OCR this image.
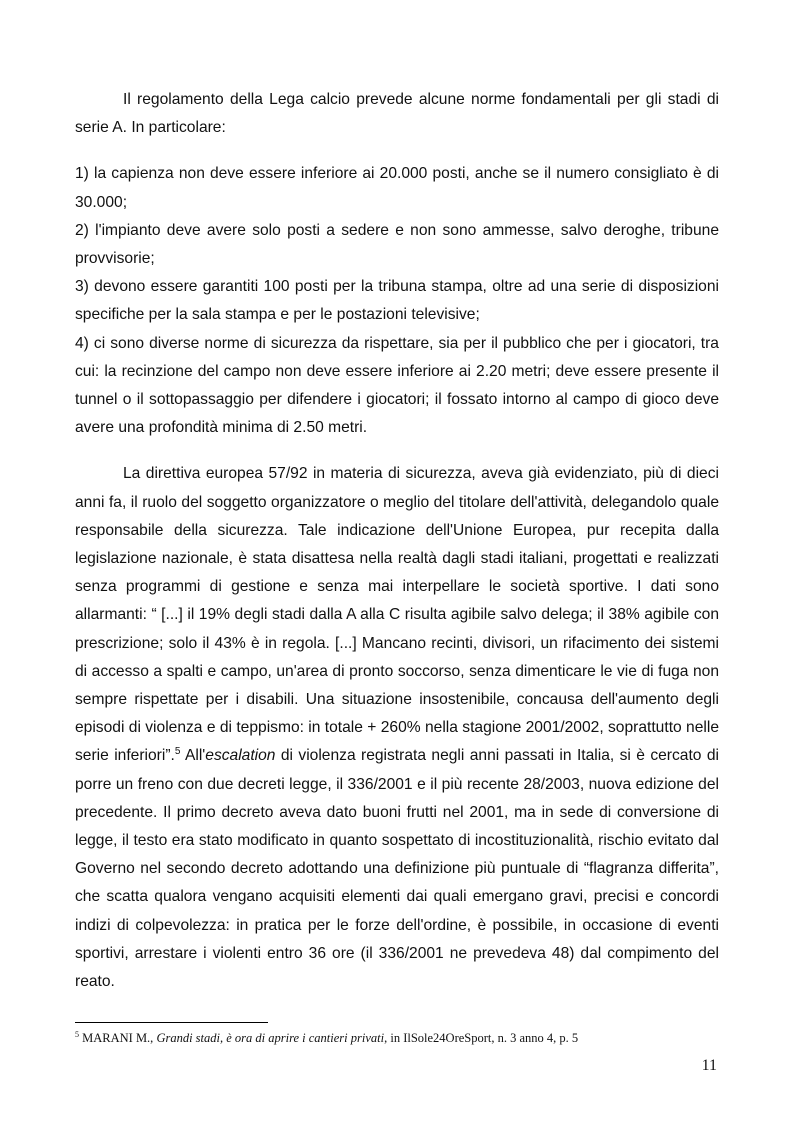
Il regolamento della Lega calcio prevede alcune norme fondamentali per gli stadi di serie A. In particolare:

1) la capienza non deve essere inferiore ai 20.000 posti, anche se il numero consigliato è di 30.000;

2) l'impianto deve avere solo posti a sedere e non sono ammesse, salvo deroghe, tribune provvisorie;

3) devono essere garantiti 100 posti per la tribuna stampa, oltre ad una serie di disposizioni specifiche per la sala stampa e per le postazioni televisive;

4) ci sono diverse norme di sicurezza da rispettare, sia per il pubblico che per i giocatori, tra cui: la recinzione del campo non deve essere inferiore ai 2.20 metri; deve essere presente il tunnel o il sottopassaggio per difendere i giocatori; il fossato intorno al campo di gioco deve avere una profondità minima di 2.50 metri.

La direttiva europea 57/92 in materia di sicurezza, aveva già evidenziato, più di dieci anni fa, il ruolo del soggetto organizzatore o meglio del titolare dell'attività, delegandolo quale responsabile della sicurezza. Tale indicazione dell'Unione Europea, pur recepita dalla legislazione nazionale, è stata disattesa nella realtà dagli stadi italiani, progettati e realizzati senza programmi di gestione e senza mai interpellare le società sportive. I dati sono allarmanti: “ [...] il 19% degli stadi dalla A alla C risulta agibile salvo delega; il 38% agibile con prescrizione; solo il 43% è in regola. [...] Mancano recinti, divisori, un rifacimento dei sistemi di accesso a spalti e campo, un'area di pronto soccorso, senza dimenticare le vie di fuga non sempre rispettate per i disabili. Una situazione insostenibile, concausa dell'aumento degli episodi di violenza e di teppismo: in totale + 260% nella stagione 2001/2002, soprattutto nelle serie inferiori”.$^5$ All'escalation di violenza registrata negli anni passati in Italia, si è cercato di porre un freno con due decreti legge, il 336/2001 e il più recente 28/2003, nuova edizione del precedente. Il primo decreto aveva dato buoni frutti nel 2001, ma in sede di conversione di legge, il testo era stato modificato in quanto sospettato di incostituzionalità, rischio evitato dal Governo nel secondo decreto adottando una definizione più puntuale di “flagranza differita”, che scatta qualora vengano acquisiti elementi dai quali emergano gravi, precisi e concordi indizi di colpevolezza: in pratica per le forze dell'ordine, è possibile, in occasione di eventi sportivi, arrestare i violenti entro 36 ore (il 336/2001 ne prevedeva 48) dal compimento del reato.

$^5$ MARANI M., Grandi stadi, è ora di aprire i cantieri privati, in IlSole24OreSport, n. 3 anno 4, p. 5
11
